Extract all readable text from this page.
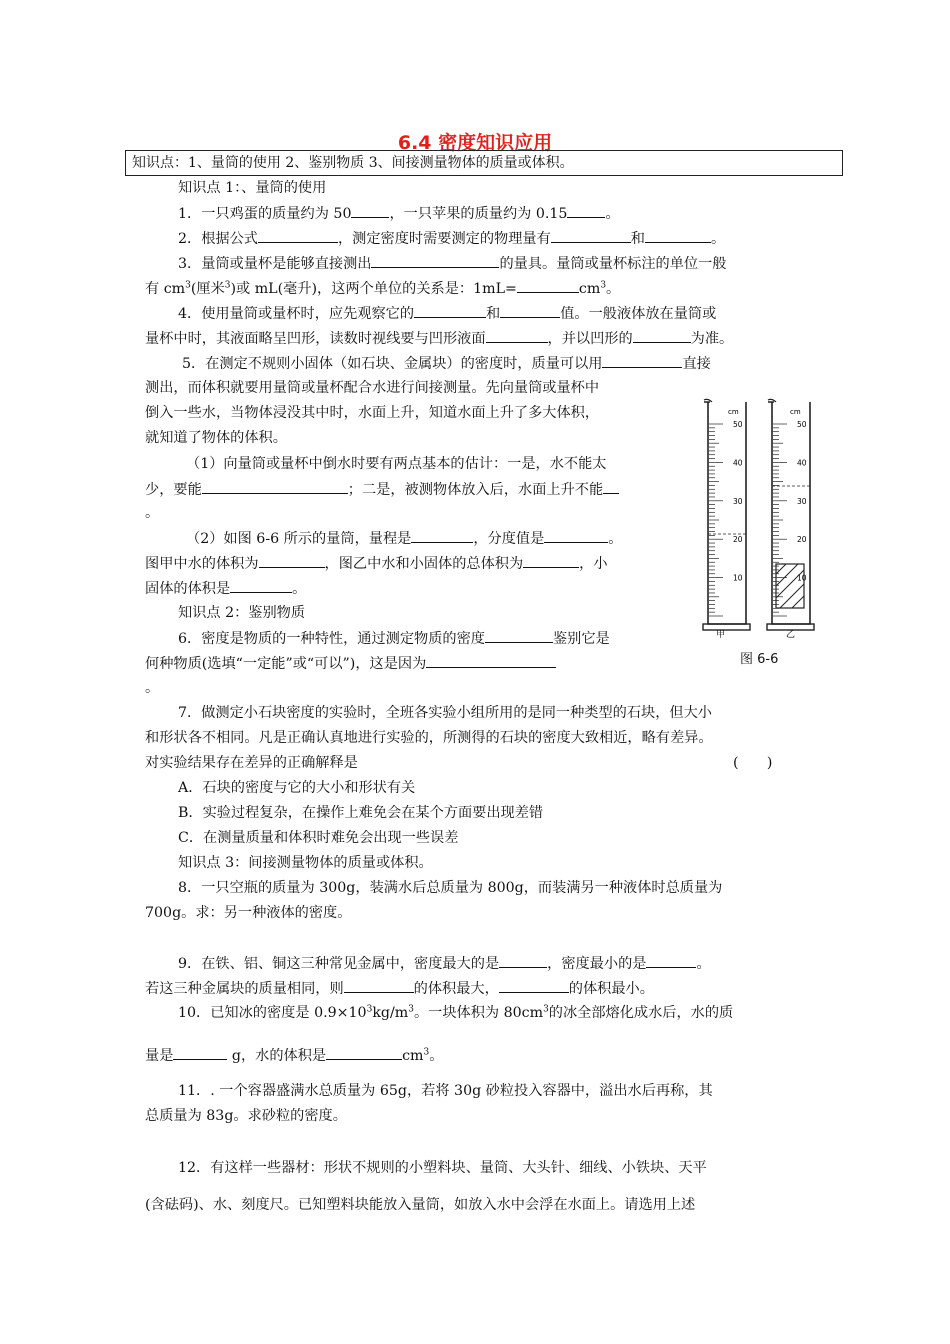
6.4 密度知识应用
知识点：1、量筒的使用 2、鉴别物质 3、间接测量物体的质量或体积。
知识点 1：、量筒的使用
1．一只鸡蛋的质量约为 50	，一只苹果的质量约为 0.15	。
2．根据公式	，测定密度时需要测定的物理量有	和	。
3．量筒或量杯是能够直接测出	的量具。量筒或量杯标注的单位一般
有 $cm^3$(厘米$^3$)或 mL(毫升)，这两个单位的关系是：1mL=	$cm^3$。
4．使用量筒或量杯时，应先观察它的	和	值。一般液体放在量筒或
量杯中时，其液面略呈凹形，读数时视线要与凹形液面	，并以凹形的	为准。
5．在测定不规则小固体（如石块、金属块）的密度时，质量可以用	直接
测出，而体积就要用量筒或量杯配合水进行间接测量。先向量筒或量杯中
倒入一些水，当物体浸没其中时，水面上升，知道水面上升了多大体积，
就知道了物体的体积。
（1）向量筒或量杯中倒水时要有两点基本的估计：一是，水不能太
少，要能	；二是，被测物体放入后，水面上升不能
。
（2）如图 6-6 所示的量筒，量程是	，分度值是	。
图甲中水的体积为	，图乙中水和小固体的总体积为	，小
固体的体积是	。
知识点 2：鉴别物质
6．密度是物质的一种特性，通过测定物质的密度	鉴别它是
何种物质(选填“一定能”或“可以”)，这是因为
。
7．做测定小石块密度的实验时，全班各实验小组所用的是同一种类型的石块，但大小
和形状各不相同。凡是正确认真地进行实验的，所测得的石块的密度大致相近，略有差异。
对实验结果存在差异的正确解释是	(　　)
A．石块的密度与它的大小和形状有关
B．实验过程复杂，在操作上难免会在某个方面要出现差错
C．在测量质量和体积时难免会出现一些误差
知识点 3：间接测量物体的质量或体积。
8．一只空瓶的质量为 300g，装满水后总质量为 800g，而装满另一种液体时总质量为
700g。求：另一种液体的密度。
9．在铁、铝、铜这三种常见金属中，密度最大的是	，密度最小的是	。
若这三种金属块的质量相同，则	的体积最大，	的体积最小。
10．已知冰的密度是 $0.9\times 10^3kg/m^3$。一块体积为 $80cm^3$的冰全部熔化成水后，水的质
量是	g，水的体积是	$cm^3$。
11．. 一个容器盛满水总质量为 65g，若将 30g 砂粒投入容器中，溢出水后再称，其
总质量为 83g。求砂粒的密度。
12．有这样一些器材：形状不规则的小塑料块、量筒、大头针、细线、小铁块、天平
(含砝码)、水、刻度尺。已知塑料块能放入量筒，如放入水中会浮在水面上。请选用上述
cm
50
40
30
20
10
甲
cm
50
40
30
20
10
乙
图 6-6
